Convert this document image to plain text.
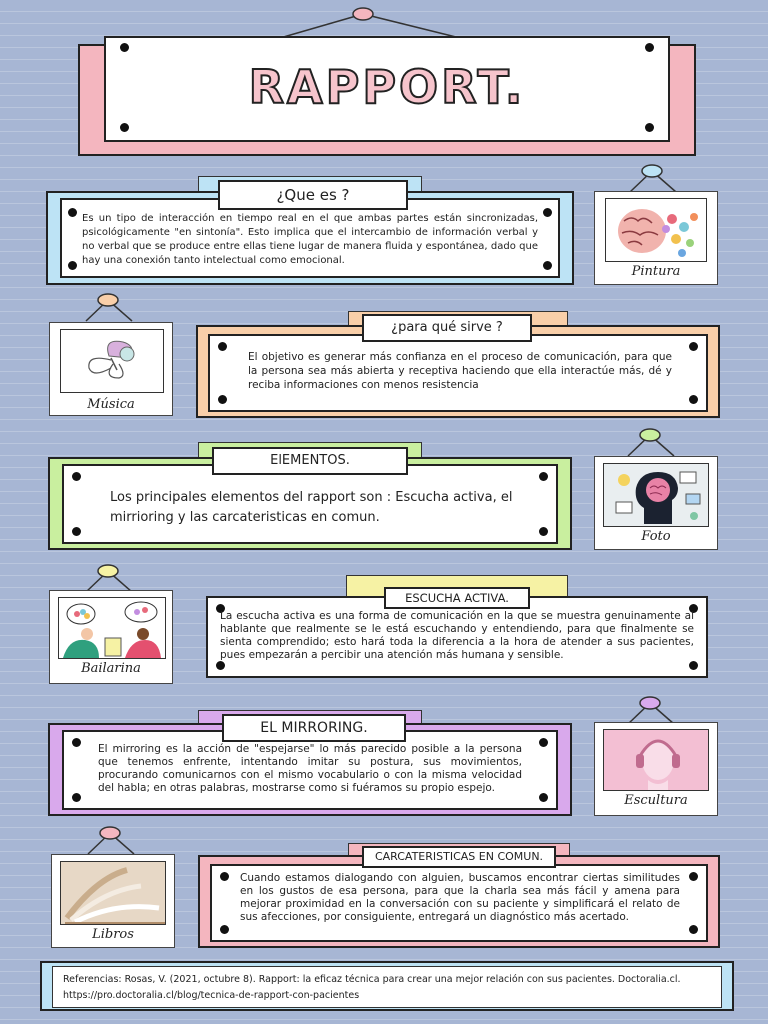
RAPPORT.
Es un tipo de interacción en tiempo real en el que ambas partes están sincronizadas, psicológicamente "en sintonía". Esto implica que el intercambio de información verbal y no verbal que se produce entre ellas tiene lugar de manera fluida y espontánea, dado que hay una conexión tanto intelectual como emocional.
¿Que es ?
Pintura
Música
El objetivo es generar más confianza en el proceso de comunicación, para que la persona sea más abierta y receptiva haciendo que ella interactúe más, dé y reciba informaciones con menos resistencia
¿para qué sirve ?
Los principales elementos del rapport son : Escucha activa, el mirrioring y las carcateristicas en comun.
ElEMENTOS.
Foto
Bailarina
La escucha activa es una forma de comunicación en la que se muestra genuinamente al hablante que realmente se le está escuchando y entendiendo, para que finalmente se sienta comprendido; esto hará toda la diferencia a la hora de atender a sus pacientes, pues empezarán a percibir una atención más humana y sensible.
ESCUCHA ACTIVA.
El mirroring es la acción de "espejarse" lo más parecido posible a la persona que tenemos enfrente, intentando imitar su postura, sus movimientos, procurando comunicarnos con el mismo vocabulario o con la misma velocidad del habla; en otras palabras, mostrarse como si fuéramos su propio espejo.
EL MIRRORING.
Escultura
Libros
Cuando estamos dialogando con alguien, buscamos encontrar ciertas similitudes en los gustos de esa persona, para que la charla sea más fácil y amena para mejorar proximidad en la conversación con su paciente y simplificará el relato de sus afecciones, por consiguiente, entregará un diagnóstico más acertado.
CARCATERISTICAS EN COMUN.
Referencias: Rosas, V. (2021, octubre 8). Rapport: la eficaz técnica para crear una mejor relación con sus pacientes. Doctoralia.cl.
https://pro.doctoralia.cl/blog/tecnica-de-rapport-con-pacientes
